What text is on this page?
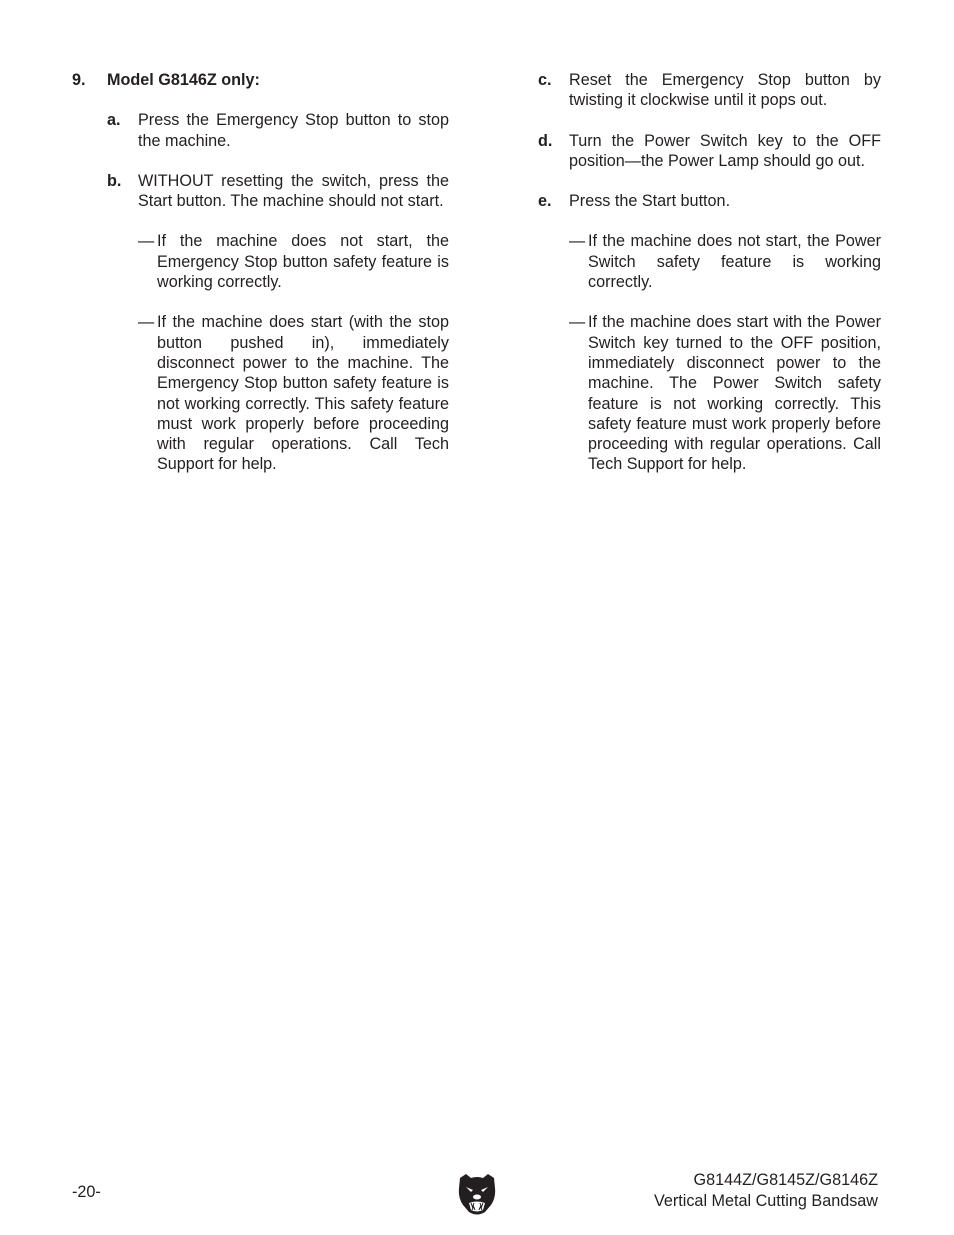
9.	Model G8146Z only:
a.	Press the Emergency Stop button to stop the machine.
b.	WITHOUT resetting the switch, press the Start button. The machine should not start.
— If the machine does not start, the Emergency Stop button safety feature is working correctly.
— If the machine does start (with the stop button pushed in), immediately disconnect power to the machine. The Emergency Stop button safety feature is not working correctly. This safety feature must work properly before proceeding with regular operations. Call Tech Support for help.
c.	Reset the Emergency Stop button by twisting it clockwise until it pops out.
d.	Turn the Power Switch key to the OFF position—the Power Lamp should go out.
e.	Press the Start button.
— If the machine does not start, the Power Switch safety feature is working correctly.
— If the machine does start with the Power Switch key turned to the OFF position, immediately disconnect power to the machine. The Power Switch safety feature is not working correctly. This safety feature must work properly before proceeding with regular operations. Call Tech Support for help.
-20-
G8144Z/G8145Z/G8146Z
Vertical Metal Cutting Bandsaw
